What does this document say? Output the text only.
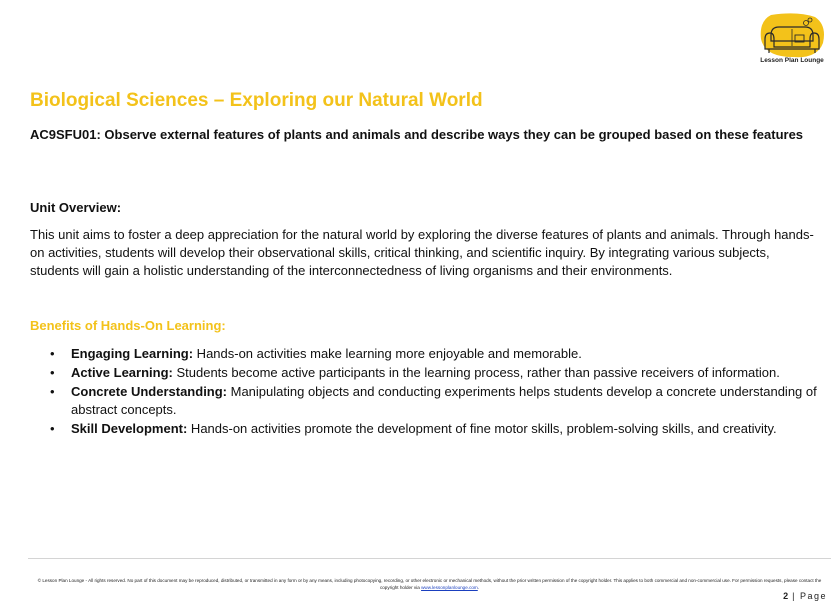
Lesson Plan Lounge
Biological Sciences – Exploring our Natural World

AC9SFU01: Observe external features of plants and animals and describe ways they can be grouped based on these features

Unit Overview:

This unit aims to foster a deep appreciation for the natural world by exploring the diverse features of plants and animals. Through hands-on activities, students will develop their observational skills, critical thinking, and scientific inquiry. By integrating various subjects, students will gain a holistic understanding of the interconnectedness of living organisms and their environments.

Benefits of Hands-On Learning:
• Engaging Learning: Hands-on activities make learning more enjoyable and memorable.
• Active Learning: Students become active participants in the learning process, rather than passive receivers of information.
• Concrete Understanding: Manipulating objects and conducting experiments helps students develop a concrete understanding of abstract concepts.
• Skill Development: Hands-on activities promote the development of fine motor skills, problem-solving skills, and creativity.
© Lesson Plan Lounge - All rights reserved. No part of this document may be reproduced, distributed, or transmitted in any form or by any means, including photocopying, recording, or other electronic or mechanical methods, without the prior written permission of the copyright holder. This applies to both commercial and non-commercial use. For permission requests, please contact the copyright holder via www.lessonplanlounge.com.
2 | Page
